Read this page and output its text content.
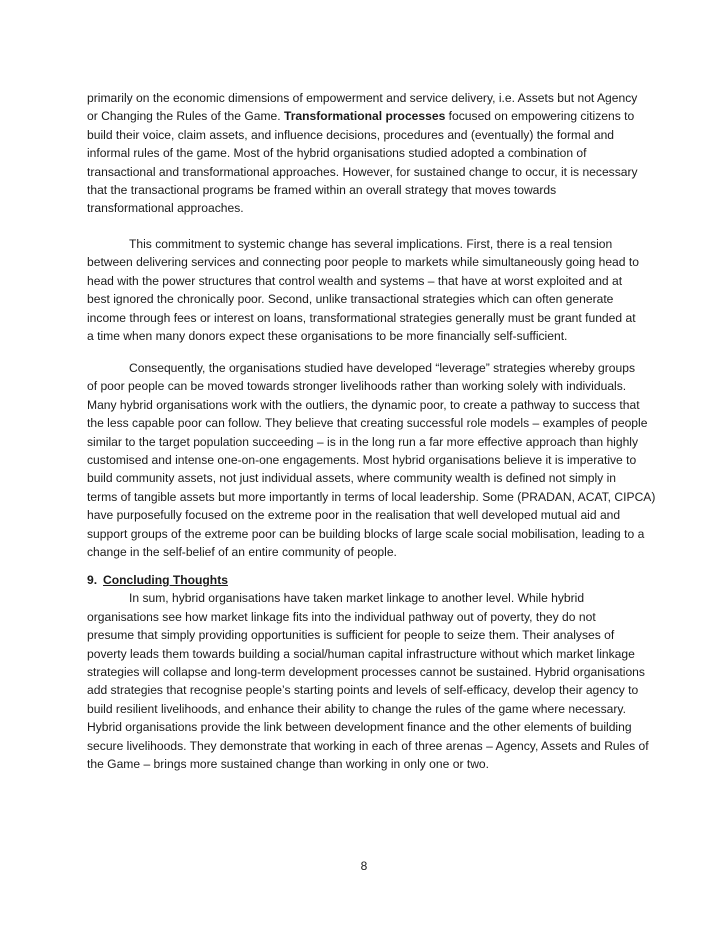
primarily on the economic dimensions of empowerment and service delivery, i.e. Assets but not Agency
or Changing the Rules of the Game. Transformational processes focused on empowering citizens to
build their voice, claim assets, and influence decisions, procedures and (eventually) the formal and
informal rules of the game. Most of the hybrid organisations studied adopted a combination of
transactional and transformational approaches. However, for sustained change to occur, it is necessary
that the transactional programs be framed within an overall strategy that moves towards
transformational approaches.
This commitment to systemic change has several implications. First, there is a real tension
between delivering services and connecting poor people to markets while simultaneously going head to
head with the power structures that control wealth and systems – that have at worst exploited and at
best ignored the chronically poor. Second, unlike transactional strategies which can often generate
income through fees or interest on loans, transformational strategies generally must be grant funded at
a time when many donors expect these organisations to be more financially self-sufficient.
Consequently, the organisations studied have developed “leverage” strategies whereby groups
of poor people can be moved towards stronger livelihoods rather than working solely with individuals.
Many hybrid organisations work with the outliers, the dynamic poor, to create a pathway to success that
the less capable poor can follow. They believe that creating successful role models – examples of people
similar to the target population succeeding – is in the long run a far more effective approach than highly
customised and intense one-on-one engagements. Most hybrid organisations believe it is imperative to
build community assets, not just individual assets, where community wealth is defined not simply in
terms of tangible assets but more importantly in terms of local leadership. Some (PRADAN, ACAT, CIPCA)
have purposefully focused on the extreme poor in the realisation that well developed mutual aid and
support groups of the extreme poor can be building blocks of large scale social mobilisation, leading to a
change in the self-belief of an entire community of people.
9. Concluding Thoughts
In sum, hybrid organisations have taken market linkage to another level. While hybrid
organisations see how market linkage fits into the individual pathway out of poverty, they do not
presume that simply providing opportunities is sufficient for people to seize them. Their analyses of
poverty leads them towards building a social/human capital infrastructure without which market linkage
strategies will collapse and long-term development processes cannot be sustained. Hybrid organisations
add strategies that recognise people’s starting points and levels of self-efficacy, develop their agency to
build resilient livelihoods, and enhance their ability to change the rules of the game where necessary.
Hybrid organisations provide the link between development finance and the other elements of building
secure livelihoods. They demonstrate that working in each of three arenas – Agency, Assets and Rules of
the Game – brings more sustained change than working in only one or two.
8
